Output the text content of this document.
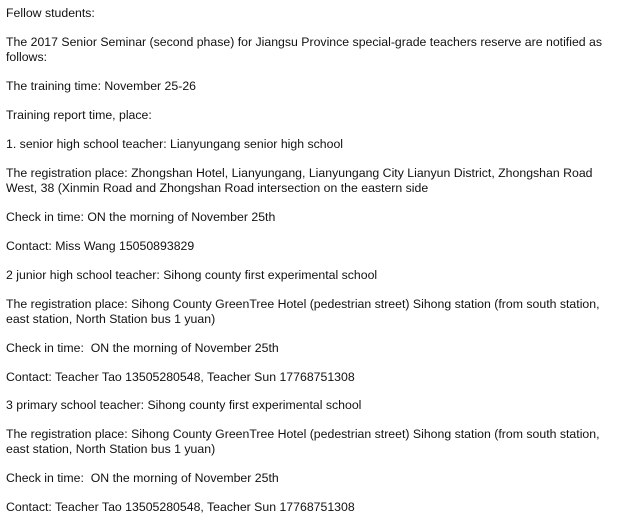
Fellow students:

The 2017 Senior Seminar (second phase) for Jiangsu Province special-grade teachers reserve are notified as follows:

The training time: November 25-26

Training report time, place:

1. senior high school teacher: Lianyungang senior high school

The registration place: Zhongshan Hotel, Lianyungang, Lianyungang City Lianyun District, Zhongshan Road West, 38 (Xinmin Road and Zhongshan Road intersection on the eastern side

Check in time: ON the morning of November 25th

Contact: Miss Wang 15050893829

2 junior high school teacher: Sihong county first experimental school

The registration place: Sihong County GreenTree Hotel (pedestrian street) Sihong station (from south station, east station, North Station bus 1 yuan)

Check in time:  ON the morning of November 25th

Contact: Teacher Tao 13505280548, Teacher Sun 17768751308

3 primary school teacher: Sihong county first experimental school

The registration place: Sihong County GreenTree Hotel (pedestrian street) Sihong station (from south station, east station, North Station bus 1 yuan)

Check in time:  ON the morning of November 25th

Contact: Teacher Tao 13505280548, Teacher Sun 17768751308
